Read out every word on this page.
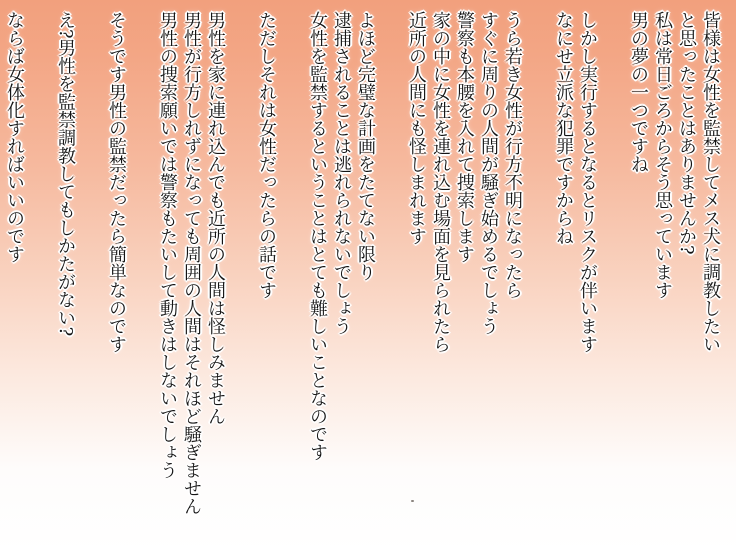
皆様は女性を監禁してメス犬に調教したい
と思ったことはありませんか?
私は常日ごろからそう思っています
男の夢の一つですね
しかし実行するとなるとリスクが伴います
なにせ立派な犯罪ですからね
うら若き女性が行方不明になったら
すぐに周りの人間が騒ぎ始めるでしょう
警察も本腰を入れて捜索します
家の中に女性を連れ込む場面を見られたら
近所の人間にも怪しまれます
よほど完璧な計画をたてない限り
逮捕されることは逃れられないでしょう
女性を監禁するということはとても難しいことなのです
ただしそれは女性だったらの話です
男性を家に連れ込んでも近所の人間は怪しみません
男性が行方しれずになっても周囲の人間はそれほど騒ぎません
男性の捜索願いでは警察もたいして動きはしないでしょう
そうです男性の監禁だったら簡単なのです
え?男性を監禁調教してもしかたがない?
ならば女体化すればいいのです
